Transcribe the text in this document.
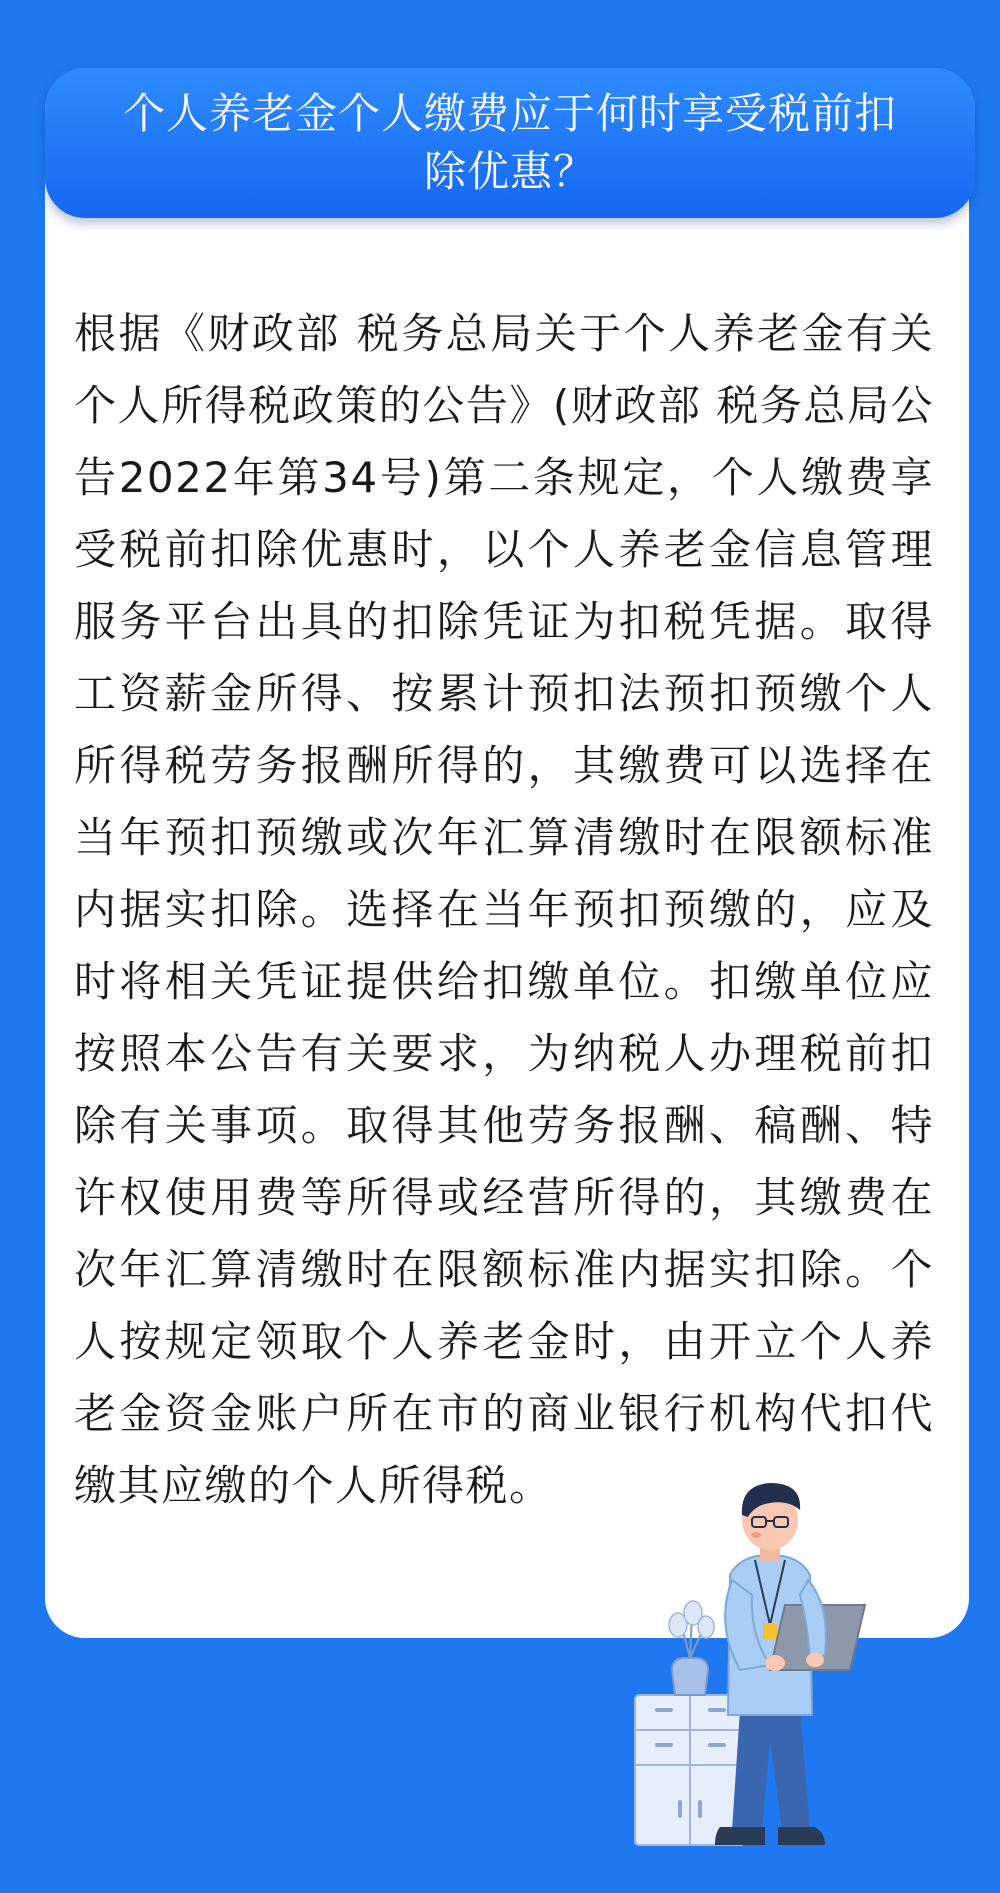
个人养老金个人缴费应于何时享受税前扣除优惠？

根据《财政部 税务总局关于个人养老金有关个人所得税政策的公告》(财政部 税务总局公告2022年第34号)第二条规定，个人缴费享受税前扣除优惠时，以个人养老金信息管理服务平台出具的扣除凭证为扣税凭据。取得工资薪金所得、按累计预扣法预扣预缴个人所得税劳务报酬所得的，其缴费可以选择在当年预扣预缴或次年汇算清缴时在限额标准内据实扣除。选择在当年预扣预缴的，应及时将相关凭证提供给扣缴单位。扣缴单位应按照本公告有关要求，为纳税人办理税前扣除有关事项。取得其他劳务报酬、稿酬、特许权使用费等所得或经营所得的，其缴费在次年汇算清缴时在限额标准内据实扣除。个人按规定领取个人养老金时，由开立个人养老金资金账户所在市的商业银行机构代扣代缴其应缴的个人所得税。
